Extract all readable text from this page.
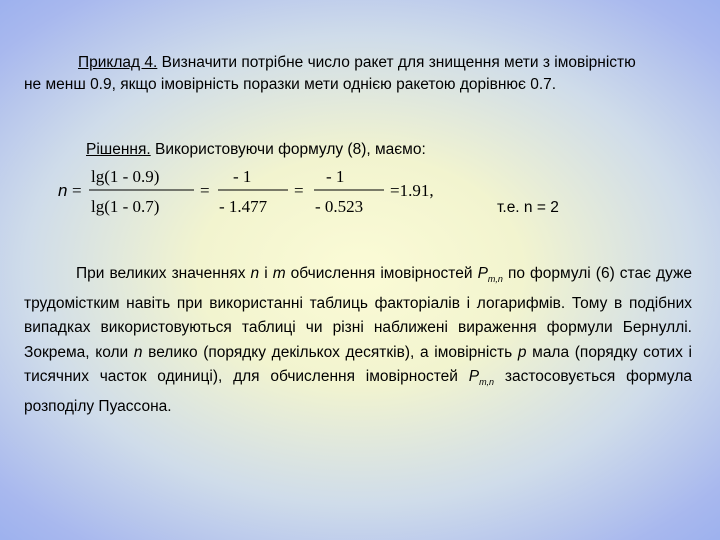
Приклад 4. Визначити потрібне число ракет для знищення мети з імовірністю не менш 0.9, якщо імовірність поразки мети однією ракетою дорівнює 0.7.
Рішення. Використовуючи формулу (8), маємо:
n =
lg(1 - 0.9)
lg(1 - 0.7)
=
- 1
- 1.477
=
- 1
- 0.523
=1.91,
т.е. n = 2
При великих значеннях n і m обчислення імовірностей $P_{m,n}$ по формулі (6) стає дуже трудомістким навіть при використанні таблиць факторіалів і логарифмів. Тому в подібних випадках використовуються таблиці чи різні наближені вираження формули Бернуллі. Зокрема, коли n велико (порядку декількох десятків), а імовірність p мала (порядку сотих і тисячних часток одиниці), для обчислення імовірностей $P_{m,n}$ застосовується формула розподілу Пуассона.
